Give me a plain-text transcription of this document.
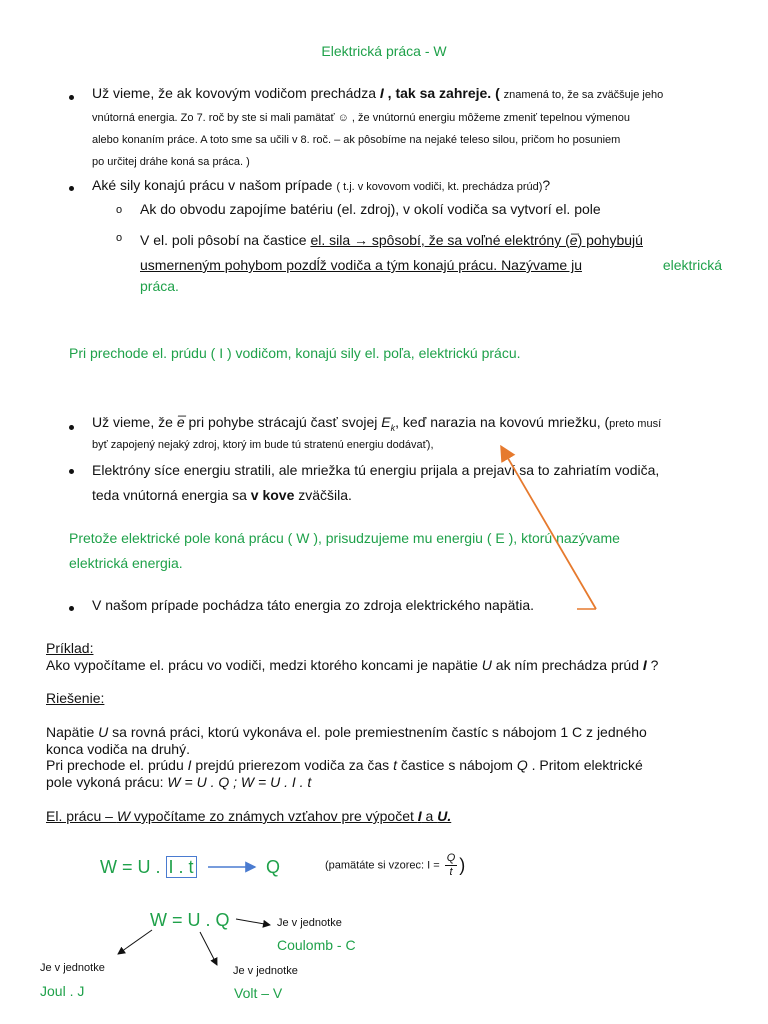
Elektrická práca - W
Už vieme, že ak kovovým vodičom prechádza I , tak sa zahreje. ( znamená to, že sa zväčšuje jeho
vnútorná energia. Zo 7. roč by ste si mali pamätať ☺ , že vnútornú energiu môžeme zmeniť tepelnou výmenou
alebo konaním práce. A toto sme sa učili v 8. roč. – ak pôsobíme na nejaké teleso silou, pričom ho posuniem
po určitej dráhe koná sa práca. )
Aké sily konajú prácu v našom prípade ( t.j. v kovovom vodiči, kt. prechádza prúd)?
o Ak do obvodu zapojíme batériu (el. zdroj), v okolí vodiča sa vytvorí el. pole
o V el. poli pôsobí na častice el. sila → spôsobí, že sa voľné elektróny (e̅) pohybujú
usmerneným pohybom pozdĺž vodiča a tým konajú prácu. Nazývame ju	elektrická
práca.
Pri prechode el. prúdu ( I ) vodičom, konajú sily el. poľa, elektrickú prácu.
Už vieme, že e̅ pri pohybe strácajú časť svojej $E_k$, keď narazia na kovovú mriežku, (preto musí
byť zapojený nejaký zdroj, ktorý im bude tú stratenú energiu dodávať),
Elektróny síce energiu stratili, ale mriežka tú energiu prijala a prejaví sa to zahriatím vodiča,
teda vnútorná energia sa v kove zväčšila.
Pretože elektrické pole koná prácu ( W ), prisudzujeme mu energiu ( E ), ktorú nazývame
elektrická energia.
V našom prípade pochádza táto energia zo zdroja elektrického napätia.
Príklad:
Ako vypočítame el. prácu vo vodiči, medzi ktorého koncami je napätie U ak ním prechádza prúd I ?
Riešenie:
Napätie U sa rovná práci, ktorú vykonáva el. pole premiestnením častíc s nábojom 1 C z jedného
konca vodiča na druhý.
Pri prechode el. prúdu I prejdú prierezom vodiča za čas t častice s nábojom Q . Pritom elektrické
pole vykoná prácu: W = U . Q ; W = U . I . t
El. prácu – W vypočítame zo známych vzťahov pre výpočet I a U.
W = U . I . t	Q	(pamätáte si vzorec: $I = \frac{Q}{t}$ )
W = U . Q	Je v jednotke
Coulomb - C
Je v jednotke
Joul . J
Je v jednotke
Volt – V
